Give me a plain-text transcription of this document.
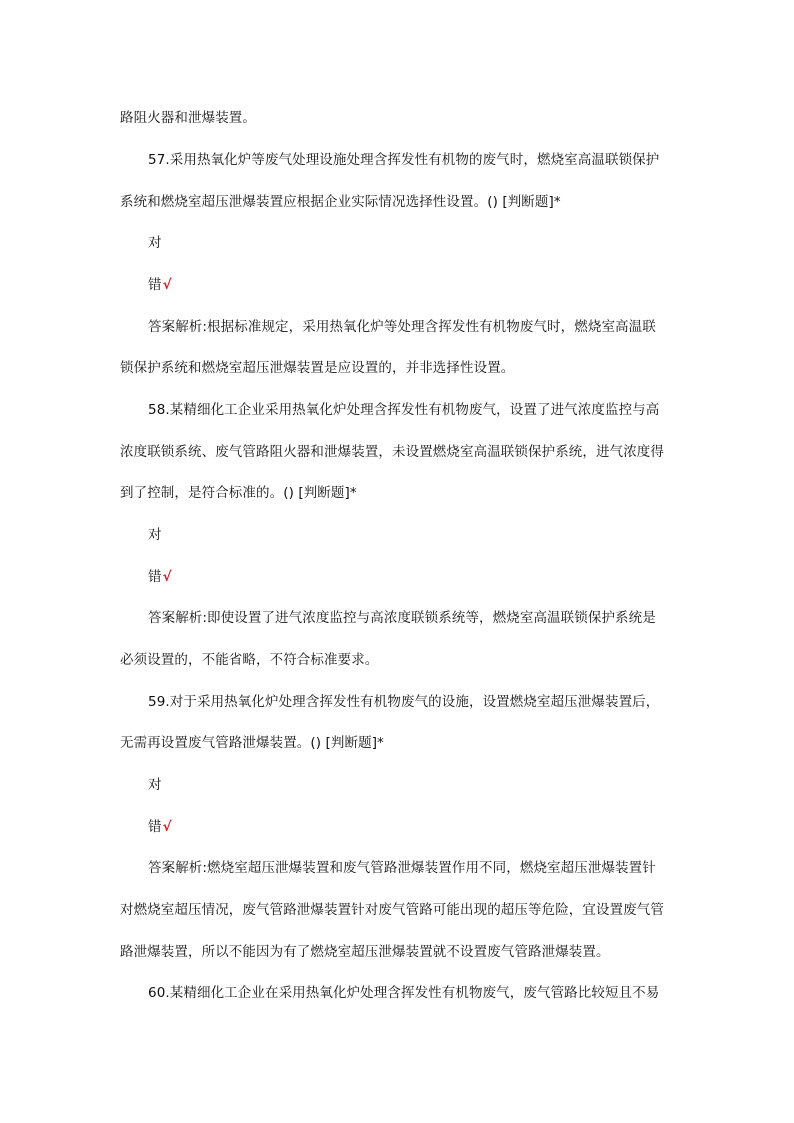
路阻火器和泄爆装置。
57.采用热氧化炉等废气处理设施处理含挥发性有机物的废气时，燃烧室高温联锁保护
系统和燃烧室超压泄爆装置应根据企业实际情况选择性设置。() [判断题]*
对
错√
答案解析:根据标准规定，采用热氧化炉等处理含挥发性有机物废气时，燃烧室高温联
锁保护系统和燃烧室超压泄爆装置是应设置的，并非选择性设置。
58.某精细化工企业采用热氧化炉处理含挥发性有机物废气，设置了进气浓度监控与高
浓度联锁系统、废气管路阻火器和泄爆装置，未设置燃烧室高温联锁保护系统，进气浓度得
到了控制，是符合标准的。() [判断题]*
对
错√
答案解析:即使设置了进气浓度监控与高浓度联锁系统等，燃烧室高温联锁保护系统是
必须设置的，不能省略，不符合标准要求。
59.对于采用热氧化炉处理含挥发性有机物废气的设施，设置燃烧室超压泄爆装置后，
无需再设置废气管路泄爆装置。() [判断题]*
对
错√
答案解析:燃烧室超压泄爆装置和废气管路泄爆装置作用不同，燃烧室超压泄爆装置针
对燃烧室超压情况，废气管路泄爆装置针对废气管路可能出现的超压等危险，宜设置废气管
路泄爆装置，所以不能因为有了燃烧室超压泄爆装置就不设置废气管路泄爆装置。
60.某精细化工企业在采用热氧化炉处理含挥发性有机物废气，废气管路比较短且不易
